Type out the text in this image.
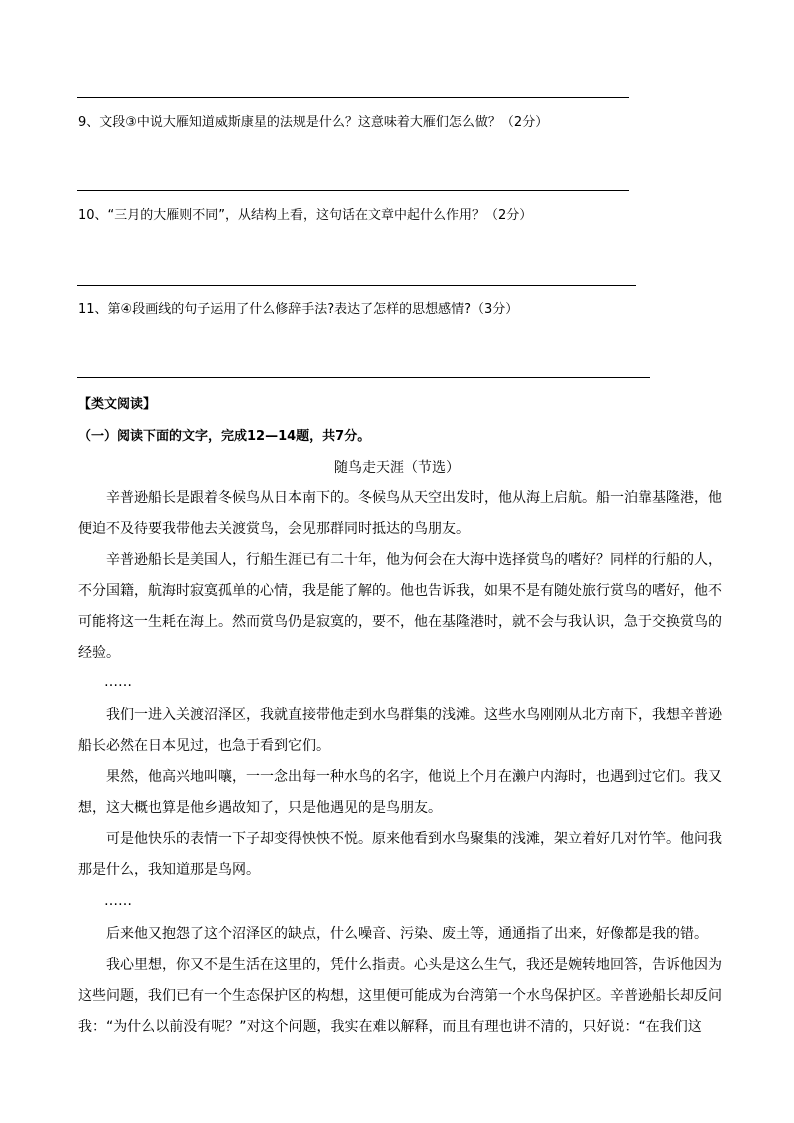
9、文段③中说大雁知道威斯康星的法规是什么？这意味着大雁们怎么做？（2分）
10、“三月的大雁则不同”，从结构上看，这句话在文章中起什么作用？（2分）
11、第④段画线的句子运用了什么修辞手法?表达了怎样的思想感情?（3分）
【类文阅读】
（一）阅读下面的文字，完成12—14题，共7分。
随鸟走天涯（节选）
辛普逊船长是跟着冬候鸟从日本南下的。冬候鸟从天空出发时，他从海上启航。船一泊靠基隆港，他
便迫不及待要我带他去关渡赏鸟，会见那群同时抵达的鸟朋友。
辛普逊船长是美国人，行船生涯已有二十年，他为何会在大海中选择赏鸟的嗜好？同样的行船的人，
不分国籍，航海时寂寞孤单的心情，我是能了解的。他也告诉我，如果不是有随处旅行赏鸟的嗜好，他不
可能将这一生耗在海上。然而赏鸟仍是寂寞的，要不，他在基隆港时，就不会与我认识，急于交换赏鸟的
经验。
……
我们一进入关渡沼泽区，我就直接带他走到水鸟群集的浅滩。这些水鸟刚刚从北方南下，我想辛普逊
船长必然在日本见过，也急于看到它们。
果然，他高兴地叫嚷，一一念出每一种水鸟的名字，他说上个月在濑户内海时，也遇到过它们。我又
想，这大概也算是他乡遇故知了，只是他遇见的是鸟朋友。
可是他快乐的表情一下子却变得怏怏不悦。原来他看到水鸟聚集的浅滩，架立着好几对竹竿。他问我
那是什么，我知道那是鸟网。
……
后来他又抱怨了这个沼泽区的缺点，什么噪音、污染、废土等，通通指了出来，好像都是我的错。
我心里想，你又不是生活在这里的，凭什么指责。心头是这么生气，我还是婉转地回答，告诉他因为
这些问题，我们已有一个生态保护区的构想，这里便可能成为台湾第一个水鸟保护区。辛普逊船长却反问
我：“为什么以前没有呢？”对这个问题，我实在难以解释，而且有理也讲不清的，只好说：“在我们这
